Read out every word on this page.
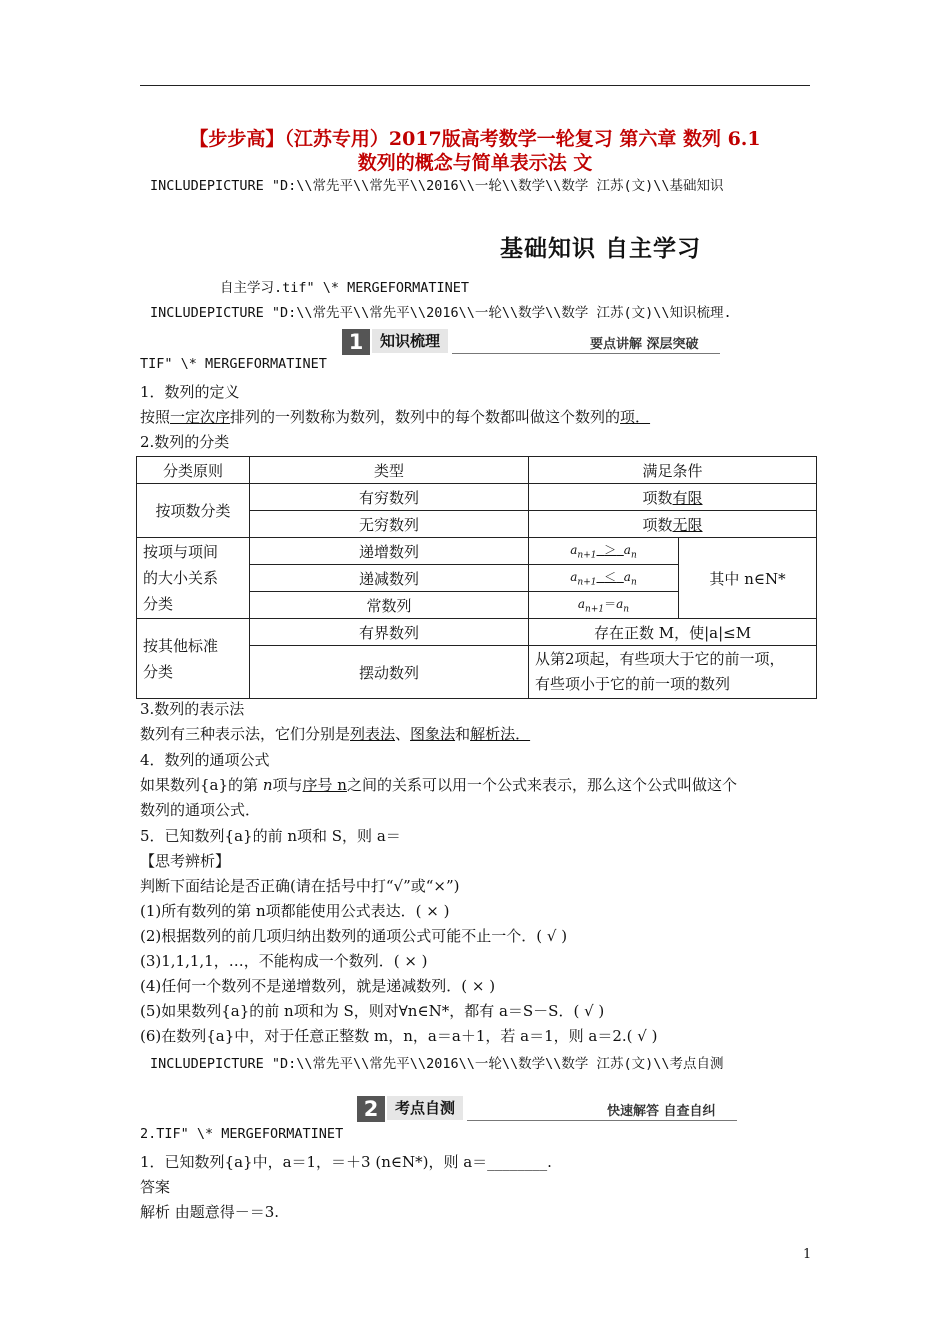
【步步高】（江苏专用）2017版高考数学一轮复习 第六章 数列 6.1
数列的概念与简单表示法 文
INCLUDEPICTURE "D:\\常先平\\常先平\\2016\\一轮\\数学\\数学 江苏(文)\\基础知识
基础知识 自主学习
自主学习.tif" \* MERGEFORMATINET
INCLUDEPICTURE "D:\\常先平\\常先平\\2016\\一轮\\数学\\数学 江苏(文)\\知识梳理.
1	知识梳理	要点讲解 深层突破
TIF" \* MERGEFORMATINET
1．数列的定义
按照一定次序排列的一列数称为数列，数列中的每个数都叫做这个数列的项．
2.数列的分类
分类原则	类型	满足条件	
按项数分类	有穷数列	项数有限	
	无穷数列	项数无限	

按项与项间
的大小关系
分类	递增数列	$a_{n+1} > a_n$	其中 n∈N*
	递减数列	$a_{n+1} < a_n$
	常数列	$a_{n+1}=a_n$

按其他标准
分类	有界数列	存在正数 M，使|a|≤M	
	摆动数列	从第2项起，有些项大于它的前一项，
有些项小于它的前一项的数列	
3.数列的表示法
数列有三种表示法，它们分别是列表法、图象法和解析法．
4．数列的通项公式
如果数列{a}的第 n项与序号 n之间的关系可以用一个公式来表示，那么这个公式叫做这个
数列的通项公式．
5．已知数列{a}的前 n项和 S，则 a＝
【思考辨析】
判断下面结论是否正确(请在括号中打“√”或“×”)
(1)所有数列的第 n项都能使用公式表达．( × )
(2)根据数列的前几项归纳出数列的通项公式可能不止一个．( √ )
(3)1,1,1,1，…，不能构成一个数列．( × )
(4)任何一个数列不是递增数列，就是递减数列．( × )
(5)如果数列{a}的前 n项和为 S，则对∀n∈N*，都有 a＝S－S．( √ )
(6)在数列{a}中，对于任意正整数 m，n，a＝a＋1，若 a＝1，则 a＝2.( √ )
INCLUDEPICTURE "D:\\常先平\\常先平\\2016\\一轮\\数学\\数学 江苏(文)\\考点自测
2	考点自测	快速解答 自查自纠
2.TIF" \* MERGEFORMATINET
1．已知数列{a}中，a＝1，＝＋3 (n∈N*)，则 a＝________.
答案
解析 由题意得－＝3.
1
